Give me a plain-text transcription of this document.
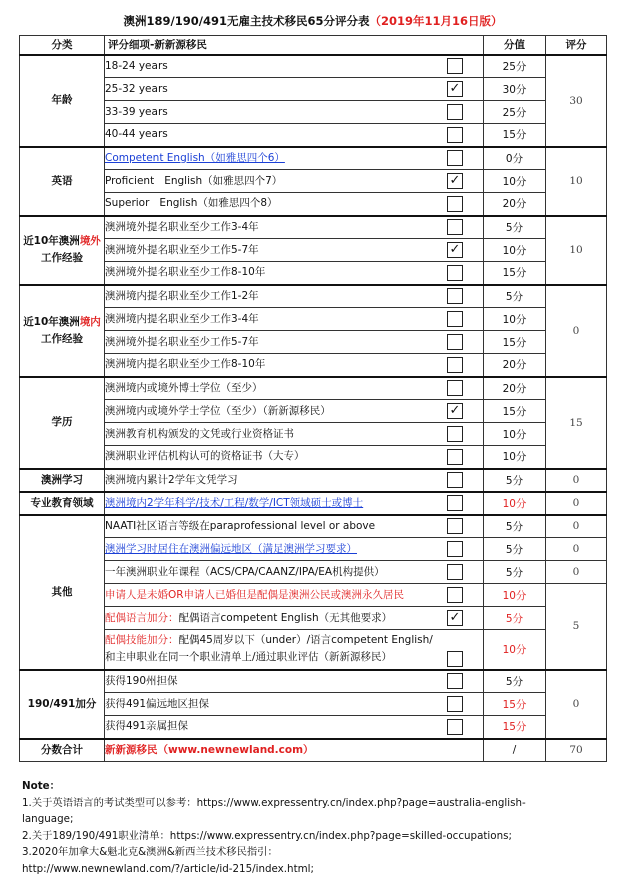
澳洲189/190/491无雇主技术移民65分评分表（2019年11月16日版）
分类	评分细项-新新源移民	分值	评分
年龄	18-24 years	25分	30

	25-32 years ✓	30分	

	33-39 years	25分	

	40-44 years	15分	
英语	Competent English（如雅思四个6）	0分	10

	Proficient   English（如雅思四个7） ✓	10分	

	Superior   English（如雅思四个8）	20分	
近10年澳洲境外
工作经验	澳洲境外提名职业至少工作3-4年	5分	10

	澳洲境外提名职业至少工作5-7年 ✓	10分	

	澳洲境外提名职业至少工作8-10年	15分	
近10年澳洲境内
工作经验	澳洲境内提名职业至少工作1-2年	5分	0

	澳洲境内提名职业至少工作3-4年	10分	

	澳洲境外提名职业至少工作5-7年	15分	

	澳洲境内提名职业至少工作8-10年	20分	
学历	澳洲境内或境外博士学位（至少）	20分	15

	澳洲境内或境外学士学位（至少）（新新源移民） ✓	15分	

	澳洲教育机构颁发的文凭或行业资格证书	10分	

	澳洲职业评估机构认可的资格证书（大专）	10分	
澳洲学习	澳洲境内累计2学年文凭学习	5分	0
专业教育领域	澳洲境内2学年科学/技术/工程/数学/ICT领域硕士或博士	10分	0
其他	NAATI社区语言等级在paraprofessional level or above	5分	0

	澳洲学习时居住在澳洲偏远地区（满足澳洲学习要求）	5分	0

	一年澳洲职业年课程（ACS/CPA/CAANZ/IPA/EA机构提供）	5分	0

	申请人是未婚OR申请人已婚但是配偶是澳洲公民或澳洲永久居民	10分	5

	配偶语言加分：配偶语言competent English（无其他要求） ✓	5分	

	配偶技能加分：配偶45周岁以下（under）/语言competent English/
和主申职业在同一个职业清单上/通过职业评估（新新源移民）	10分	
190/491加分	获得190州担保	5分	0

	获得491偏远地区担保	15分	

	获得491亲属担保	15分	
分数合计	新新源移民（www.newnewland.com）	/	70
Note：
1.关于英语语言的考试类型可以参考：https://www.expressentry.cn/index.php?page=australia-english-
language;
2.关于189/190/491职业清单：https://www.expressentry.cn/index.php?page=skilled-occupations;
3.2020年加拿大&魁北克&澳洲&新西兰技术移民指引：
http://www.newnewland.com/?/article/id-215/index.html;
